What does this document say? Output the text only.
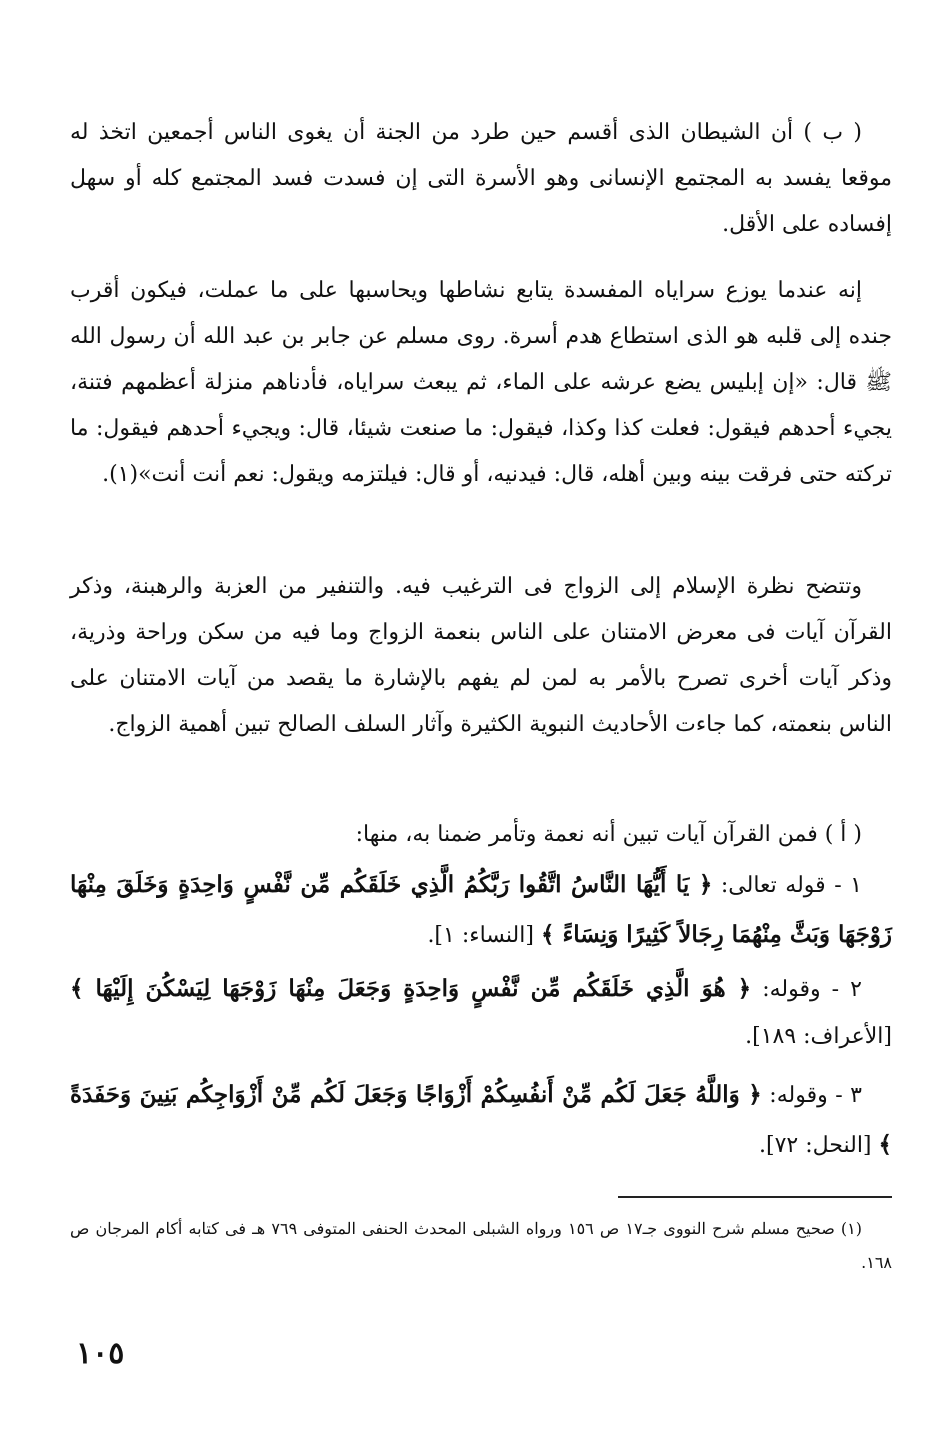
( ب ) أن الشيطان الذى أقسم حين طرد من الجنة أن يغوى الناس أجمعين اتخذ له موقعا يفسد به المجتمع الإنسانى وهو الأسرة التى إن فسدت فسد المجتمع كله أو سهل إفساده على الأقل.

إنه عندما يوزع سراياه المفسدة يتابع نشاطها ويحاسبها على ما عملت، فيكون أقرب جنده إلى قلبه هو الذى استطاع هدم أسرة. روى مسلم عن جابر بن عبد الله أن رسول الله ﷺ قال: «إن إبليس يضع عرشه على الماء، ثم يبعث سراياه، فأدناهم منزلة أعظمهم فتنة، يجيء أحدهم فيقول: فعلت كذا وكذا، فيقول: ما صنعت شيئا، قال: ويجيء أحدهم فيقول: ما تركته حتى فرقت بينه وبين أهله، قال: فيدنيه، أو قال: فيلتزمه ويقول: نعم أنت أنت»(١).

وتتضح نظرة الإسلام إلى الزواج فى الترغيب فيه. والتنفير من العزبة والرهبنة، وذكر القرآن آيات فى معرض الامتنان على الناس بنعمة الزواج وما فيه من سكن وراحة وذرية، وذكر آيات أخرى تصرح بالأمر به لمن لم يفهم بالإشارة ما يقصد من آيات الامتنان على الناس بنعمته، كما جاءت الأحاديث النبوية الكثيرة وآثار السلف الصالح تبين أهمية الزواج.

( أ ) فمن القرآن آيات تبين أنه نعمة وتأمر ضمنا به، منها:

١ - قوله تعالى: ﴿ يَا أَيُّهَا النَّاسُ اتَّقُوا رَبَّكُمُ الَّذِي خَلَقَكُم مِّن نَّفْسٍ وَاحِدَةٍ وَخَلَقَ مِنْهَا زَوْجَهَا وَبَثَّ مِنْهُمَا رِجَالاً كَثِيرًا وَنِسَاءً ﴾ [النساء: ١].

٢ - وقوله: ﴿ هُوَ الَّذِي خَلَقَكُم مِّن نَّفْسٍ وَاحِدَةٍ وَجَعَلَ مِنْهَا زَوْجَهَا لِيَسْكُنَ إِلَيْهَا ﴾ [الأعراف: ١٨٩].

٣ - وقوله: ﴿ وَاللَّهُ جَعَلَ لَكُم مِّنْ أَنفُسِكُمْ أَزْوَاجًا وَجَعَلَ لَكُم مِّنْ أَزْوَاجِكُم بَنِينَ وَحَفَدَةً ﴾ [النحل: ٧٢].

(١) صحيح مسلم شرح النووى جـ١٧ ص ١٥٦ ورواه الشبلى المحدث الحنفى المتوفى ٧٦٩ هـ فى كتابه أكام المرجان ص ١٦٨.

١٠٥
